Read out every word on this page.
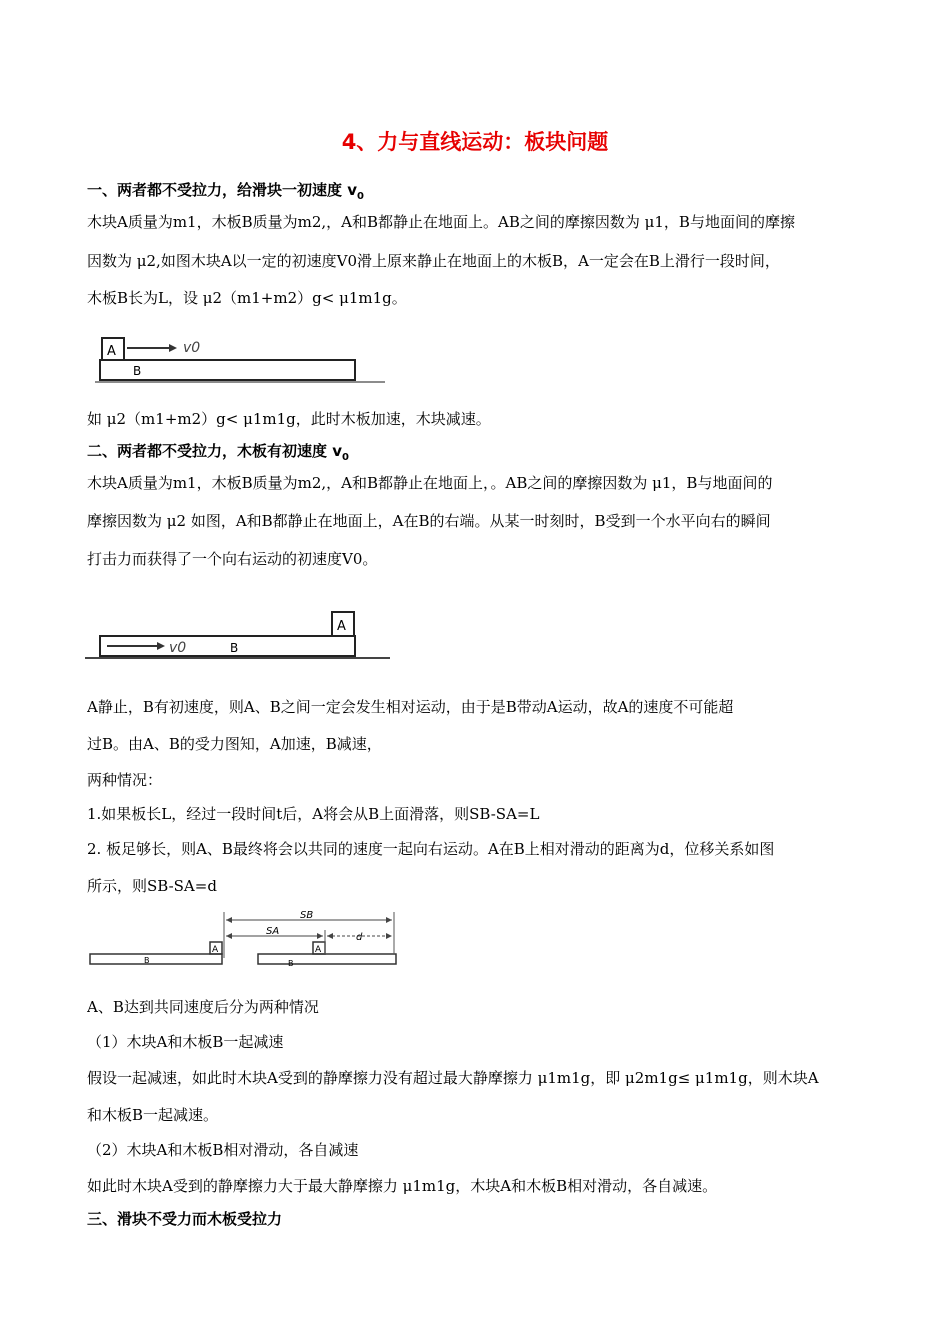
4、力与直线运动：板块问题
一、两者都不受拉力，给滑块一初速度 $v_0$
木块A质量为m1，木板B质量为m2,，A和B都静止在地面上。AB之间的摩擦因数为 μ1，B与地面间的摩擦
因数为 μ2,如图木块A以一定的初速度V0滑上原来静止在地面上的木板B，A一定会在B上滑行一段时间，
木板B长为L，设 μ2（m1+m2）g< μ1m1g。
A
B
v0
如 μ2（m1+m2）g< μ1m1g，此时木板加速，木块减速。
二、两者都不受拉力，木板有初速度 $v_0$
木块A质量为m1，木板B质量为m2,，A和B都静止在地面上，。AB之间的摩擦因数为 μ1，B与地面间的
摩擦因数为 μ2 如图，A和B都静止在地面上，A在B的右端。从某一时刻时，B受到一个水平向右的瞬间
打击力而获得了一个向右运动的初速度V0。
A
B
v0
A静止，B有初速度，则A、B之间一定会发生相对运动，由于是B带动A运动，故A的速度不可能超
过B。由A、B的受力图知，A加速，B减速，
两种情况：
1.如果板长L，经过一段时间t后，A将会从B上面滑落，则SB-SA=L
2. 板足够长，则A、B最终将会以共同的速度一起向右运动。A在B上相对滑动的距离为d，位移关系如图
所示，则SB-SA=d
B
A
B
A
SB
SA
d
A、B达到共同速度后分为两种情况
（1）木块A和木板B一起减速
假设一起减速，如此时木块A受到的静摩擦力没有超过最大静摩擦力 μ1m1g，即 μ2m1g≤ μ1m1g，则木块A
和木板B一起减速。
（2）木块A和木板B相对滑动，各自减速
如此时木块A受到的静摩擦力大于最大静摩擦力 μ1m1g，木块A和木板B相对滑动，各自减速。
三、滑块不受力而木板受拉力
